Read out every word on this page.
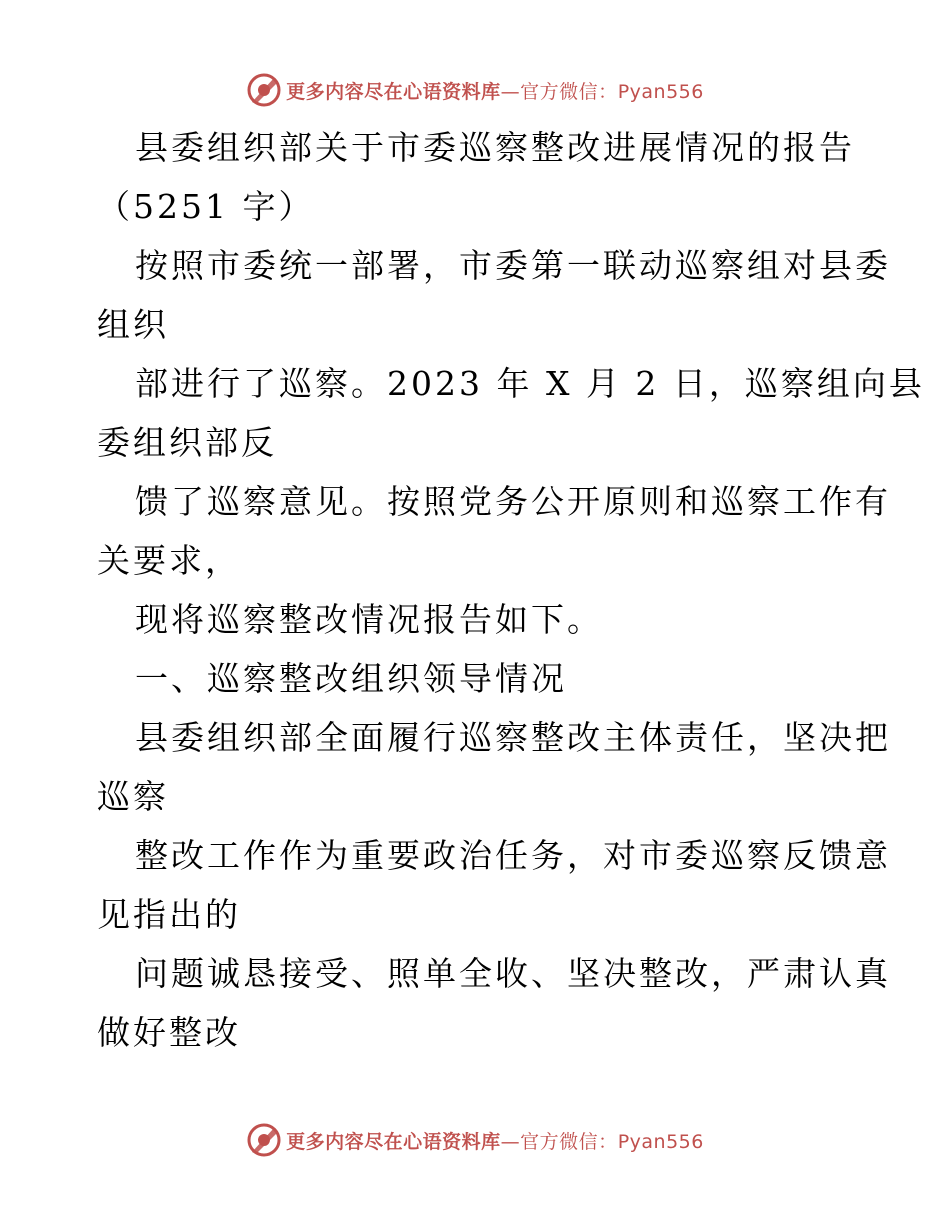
更多内容尽在心语资料库—官方微信：Pyan556
县委组织部关于市委巡察整改进展情况的报告
（5251 字）
按照市委统一部署，市委第一联动巡察组对县委
组织
部进行了巡察。2023 年 X 月 2 日，巡察组向县
委组织部反
馈了巡察意见。按照党务公开原则和巡察工作有
关要求，
现将巡察整改情况报告如下。
一、巡察整改组织领导情况
县委组织部全面履行巡察整改主体责任，坚决把
巡察
整改工作作为重要政治任务，对市委巡察反馈意
见指出的
问题诚恳接受、照单全收、坚决整改，严肃认真
做好整改
更多内容尽在心语资料库—官方微信：Pyan556
